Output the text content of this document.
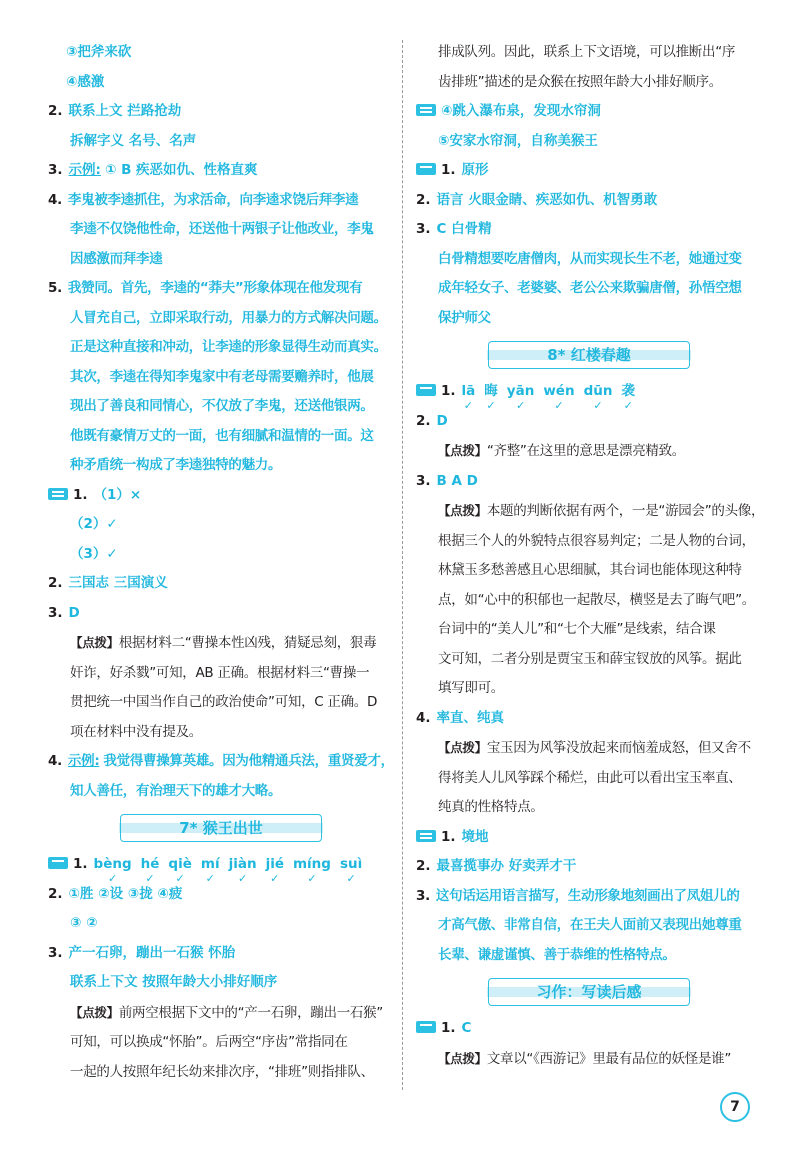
③把斧来砍
④感激
2. 联系上文 拦路抢劫
拆解字义 名号、名声
3. 示例: ① B 疾恶如仇、性格直爽
4. 李鬼被李逵抓住，为求活命，向李逵求饶后拜李逵
李逵不仅饶他性命，还送他十两银子让他改业，李鬼
因感激而拜李逵
5. 我赞同。首先，李逵的“莽夫”形象体现在他发现有
人冒充自己，立即采取行动，用暴力的方式解决问题。
正是这种直接和冲动，让李逵的形象显得生动而真实。
其次，李逵在得知李鬼家中有老母需要赡养时，他展
现出了善良和同情心，不仅放了李鬼，还送他银两。
他既有豪情万丈的一面，也有细腻和温情的一面。这
种矛盾统一构成了李逵独特的魅力。
1. （1）×
（2）✓
（3）✓
2. 三国志 三国演义
3. D
【点拨】根据材料二“曹操本性凶残，猜疑忌刻，狠毒
奸诈，好杀戮”可知，AB 正确。根据材料三“曹操一
贯把统一中国当作自己的政治使命”可知，C 正确。D
项在材料中没有提及。
4. 示例: 我觉得曹操算英雄。因为他精通兵法，重贤爱才，
知人善任，有治理天下的雄才大略。
7* 猴王出世
1. bèng
✓
hé
✓
qiè
✓
mí
✓
jiàn
✓
jié
✓
míng
✓
suì
✓
2. ①胜 ②设 ③拢 ④疲
③ ②
3. 产一石卵，蹦出一石猴 怀胎
联系上下文 按照年龄大小排好顺序
【点拨】前两空根据下文中的“产一石卵，蹦出一石猴”
可知，可以换成“怀胎”。后两空“序齿”常指同在
一起的人按照年纪长幼来排次序，“排班”则指排队、
排成队列。因此，联系上下文语境，可以推断出“序
齿排班”描述的是众猴在按照年龄大小排好顺序。
④跳入瀑布泉，发现水帘洞
⑤安家水帘洞，自称美猴王
1. 原形
2. 语言 火眼金睛、疾恶如仇、机智勇敢
3. C 白骨精
白骨精想要吃唐僧肉，从而实现长生不老，她通过变
成年轻女子、老婆婆、老公公来欺骗唐僧，孙悟空想
保护师父
8* 红楼春趣
1. lā
✓
晦
✓
yān
✓
wén
✓
dūn
✓
袭
✓
2. D
【点拨】“齐整”在这里的意思是漂亮精致。
3. B A D
【点拨】本题的判断依据有两个，一是“游园会”的头像，
根据三个人的外貌特点很容易判定；二是人物的台词，
林黛玉多愁善感且心思细腻，其台词也能体现这种特
点，如“心中的积郁也一起散尽，横竖是去了晦气吧”。
台词中的“美人儿”和“七个大雁”是线索，结合课
文可知，二者分别是贾宝玉和薛宝钗放的风筝。据此
填写即可。
4. 率直、纯真
【点拨】宝玉因为风筝没放起来而恼羞成怒，但又舍不
得将美人儿风筝踩个稀烂，由此可以看出宝玉率直、
纯真的性格特点。
1. 境地
2. 最喜揽事办 好卖弄才干
3. 这句话运用语言描写，生动形象地刻画出了凤姐儿的
才高气傲、非常自信，在王夫人面前又表现出她尊重
长辈、谦虚谨慎、善于恭维的性格特点。
习作：写读后感
1. C
【点拨】文章以“《西游记》里最有品位的妖怪是谁”
7
